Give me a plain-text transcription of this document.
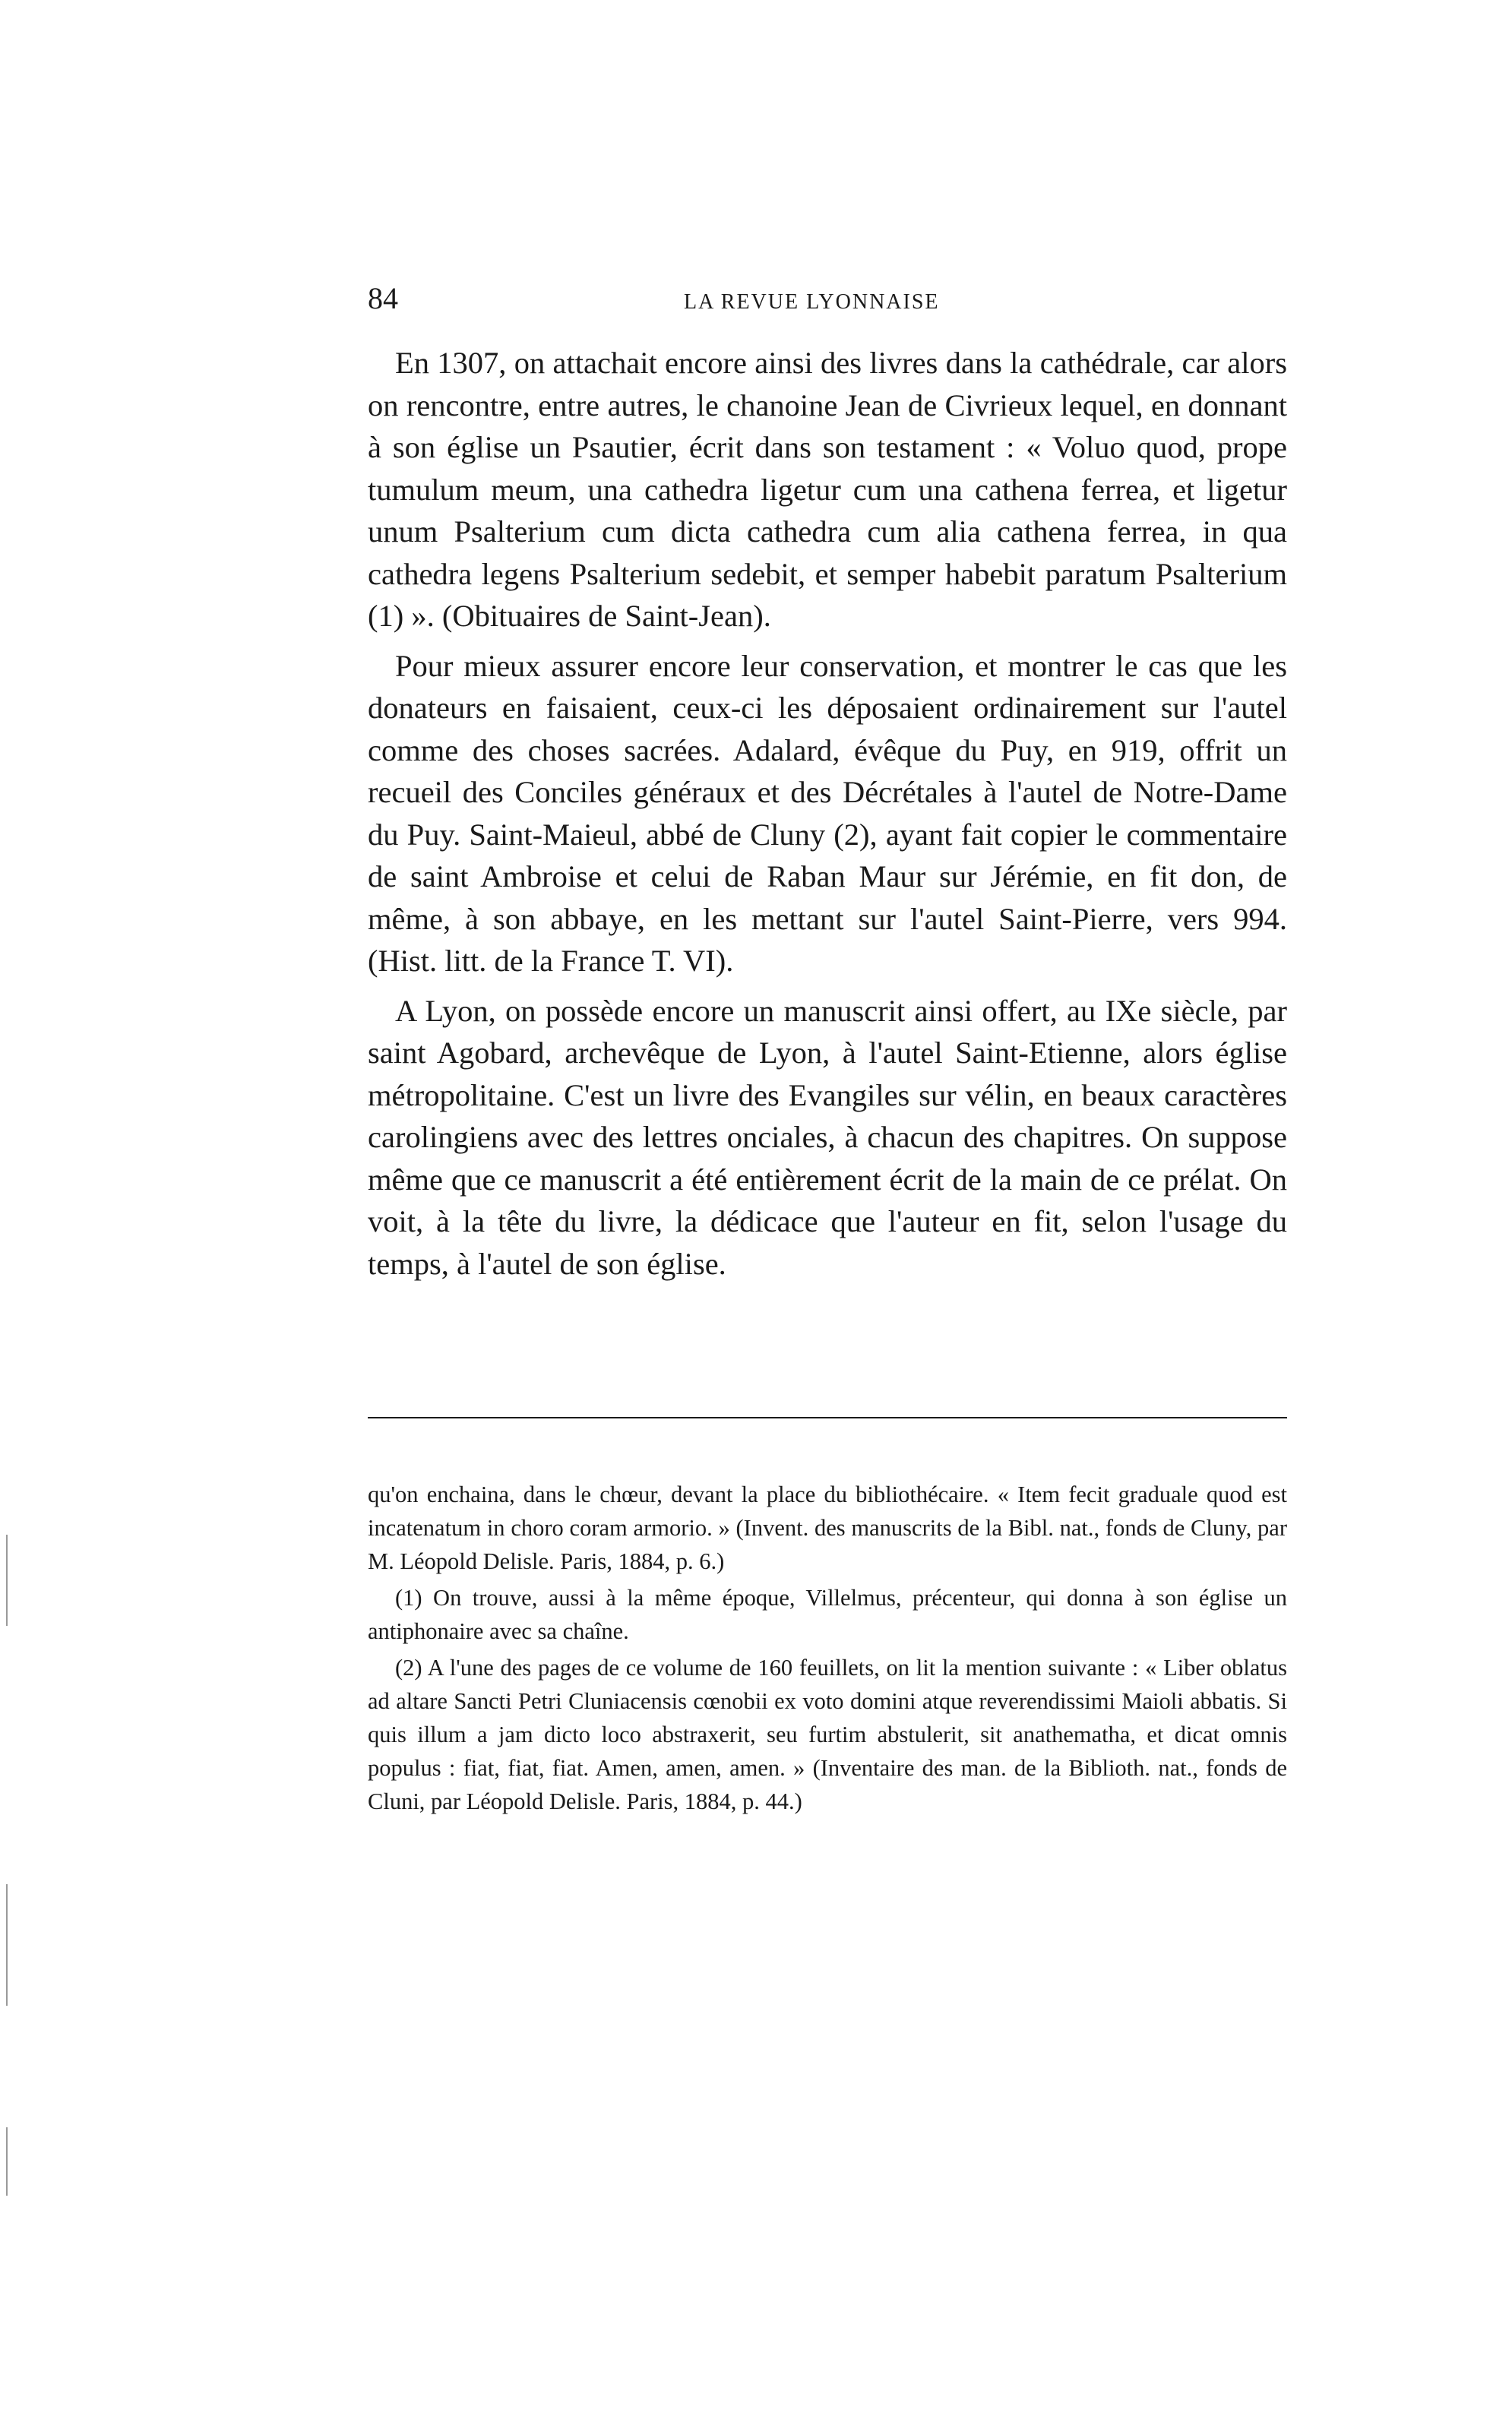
84	LA REVUE LYONNAISE

En 1307, on attachait encore ainsi des livres dans la cathédrale, car alors on rencontre, entre autres, le chanoine Jean de Civrieux lequel, en donnant à son église un Psautier, écrit dans son testament : « Voluo quod, prope tumulum meum, una cathedra ligetur cum una cathena ferrea, et ligetur unum Psalterium cum dicta cathedra cum alia cathena ferrea, in qua cathedra legens Psalterium sedebit, et semper habebit paratum Psalterium (1) ». (Obituaires de Saint-Jean).

Pour mieux assurer encore leur conservation, et montrer le cas que les donateurs en faisaient, ceux-ci les déposaient ordinairement sur l'autel comme des choses sacrées. Adalard, évêque du Puy, en 919, offrit un recueil des Conciles généraux et des Décrétales à l'autel de Notre-Dame du Puy. Saint-Maieul, abbé de Cluny (2), ayant fait copier le commentaire de saint Ambroise et celui de Raban Maur sur Jérémie, en fit don, de même, à son abbaye, en les mettant sur l'autel Saint-Pierre, vers 994. (Hist. litt. de la France T. VI).

A Lyon, on possède encore un manuscrit ainsi offert, au IXe siècle, par saint Agobard, archevêque de Lyon, à l'autel Saint-Etienne, alors église métropolitaine. C'est un livre des Evangiles sur vélin, en beaux caractères carolingiens avec des lettres onciales, à chacun des chapitres. On suppose même que ce manuscrit a été entièrement écrit de la main de ce prélat. On voit, à la tête du livre, la dédicace que l'auteur en fit, selon l'usage du temps, à l'autel de son église.

qu'on enchaina, dans le chœur, devant la place du bibliothécaire. « Item fecit graduale quod est incatenatum in choro coram armorio. » (Invent. des manuscrits de la Bibl. nat., fonds de Cluny, par M. Léopold Delisle. Paris, 1884, p. 6.)

(1) On trouve, aussi à la même époque, Villelmus, précenteur, qui donna à son église un antiphonaire avec sa chaîne.

(2) A l'une des pages de ce volume de 160 feuillets, on lit la mention suivante : « Liber oblatus ad altare Sancti Petri Cluniacensis cœnobii ex voto domini atque reverendissimi Maioli abbatis. Si quis illum a jam dicto loco abstraxerit, seu furtim abstulerit, sit anathematha, et dicat omnis populus : fiat, fiat, fiat. Amen, amen, amen. » (Inventaire des man. de la Biblioth. nat., fonds de Cluni, par Léopold Delisle. Paris, 1884, p. 44.)
